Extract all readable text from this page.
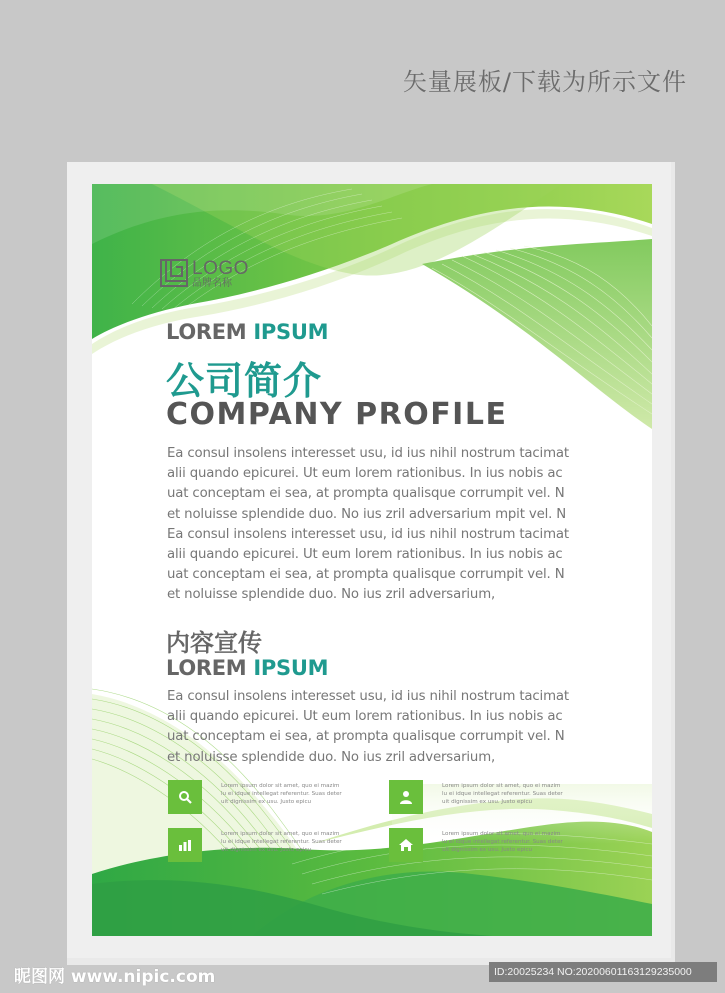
矢量展板/下载为所示文件
LOGO
品牌名称
LOREM IPSUM
公司简介
COMPANY PROFILE
Ea consul insolens interesset usu, id ius nihil nostrum tacimat
alii quando epicurei. Ut eum lorem rationibus. In ius nobis ac
uat conceptam ei sea, at prompta qualisque corrumpit vel. N
et noluisse splendide duo. No ius zril adversarium mpit vel. N
Ea consul insolens interesset usu, id ius nihil nostrum tacimat
alii quando epicurei. Ut eum lorem rationibus. In ius nobis ac
uat conceptam ei sea, at prompta qualisque corrumpit vel. N
et noluisse splendide duo. No ius zril adversarium,
内容宣传
LOREM IPSUM
Ea consul insolens interesset usu, id ius nihil nostrum tacimat
alii quando epicurei. Ut eum lorem rationibus. In ius nobis ac
uat conceptam ei sea, at prompta qualisque corrumpit vel. N
et noluisse splendide duo. No ius zril adversarium,
Lorem ipsum dolor sit amet, quo ei mazim
lu ei idque intellegat referentur. Suas deter
uit dignissim ex usu. Justo epicu
Lorem ipsum dolor sit amet, quo ei mazim
lu ei idque intellegat referentur. Suas deter
uit dignissim ex usu. Justo epicu
Lorem ipsum dolor sit amet, quo ei mazim
lu ei idque intellegat referentur. Suas deter
uit dignissim ex usu. Justo epicu
Lorem ipsum dolor sit amet, quo ei mazim
lu ei idque intellegat referentur. Suas deter
uit dignissim ex usu. Justo epicu
昵图网 www.nipic.com	ID:20025234 NO:20200601163129235000
